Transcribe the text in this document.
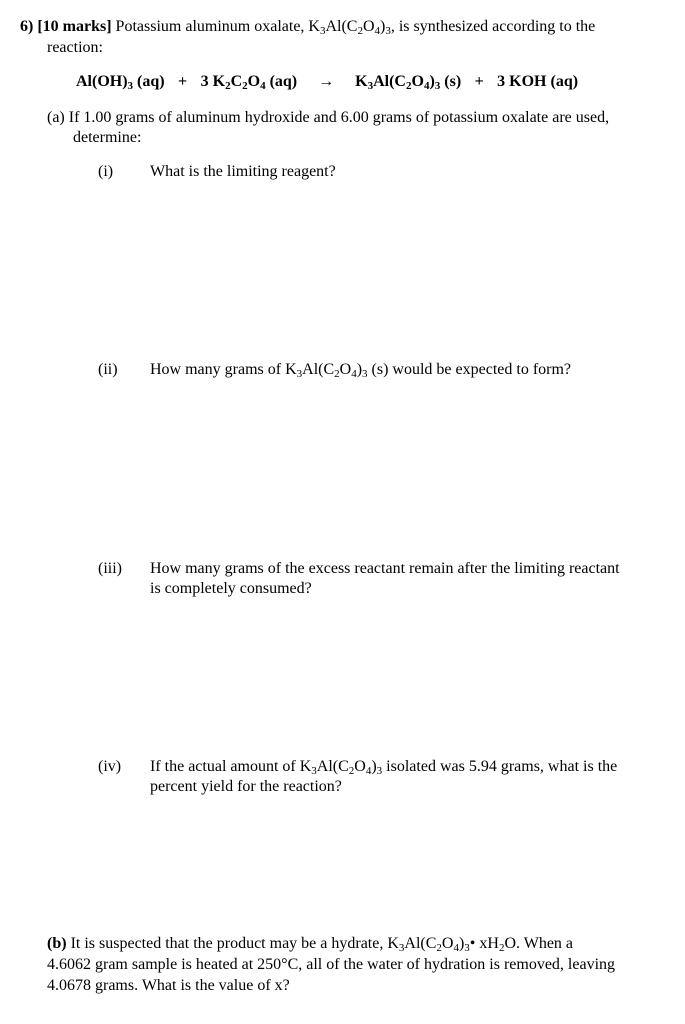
6) [10 marks] Potassium aluminum oxalate, $K_3Al(C_2O_4)_3$, is synthesized according to the
reaction:
$Al(OH)_3$ (aq) + 3 $K_2C_2O_4$ $(aq) \to K_3Al(C_2O_4)_3$ (s) + 3 KOH (aq)
(a) If 1.00 grams of aluminum hydroxide and 6.00 grams of potassium oxalate are used,
determine:
(i) What is the limiting reagent?
(ii) How many grams of $K_3Al(C_2O_4)_3$ (s) would be expected to form?
(iii) How many grams of the excess reactant remain after the limiting reactant
is completely consumed?
(iv) If the actual amount of $K_3Al(C_2O_4)_3$ isolated was 5.94 grams, what is the
percent yield for the reaction?
(b) It is suspected that the product may be a hydrate, $K_3Al(C_2O_4)_3•$ $xH_2O$. When a
4.6062 gram sample is heated at 250°C, all of the water of hydration is removed, leaving
4.0678 grams. What is the value of x?
